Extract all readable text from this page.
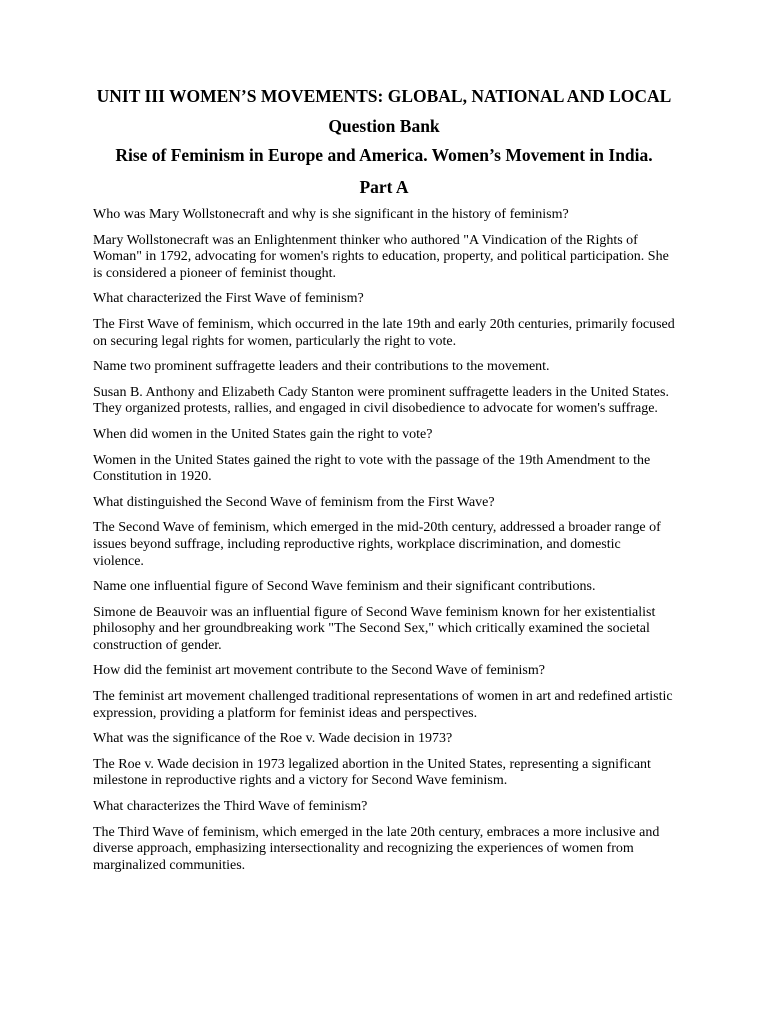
UNIT III WOMEN’S MOVEMENTS: GLOBAL, NATIONAL AND LOCAL
Question Bank
Rise of Feminism in Europe and America. Women’s Movement in India.
Part A

Who was Mary Wollstonecraft and why is she significant in the history of feminism?

Mary Wollstonecraft was an Enlightenment thinker who authored "A Vindication of the Rights of Woman" in 1792, advocating for women's rights to education, property, and political participation. She is considered a pioneer of feminist thought.

What characterized the First Wave of feminism?

The First Wave of feminism, which occurred in the late 19th and early 20th centuries, primarily focused on securing legal rights for women, particularly the right to vote.

Name two prominent suffragette leaders and their contributions to the movement.

Susan B. Anthony and Elizabeth Cady Stanton were prominent suffragette leaders in the United States. They organized protests, rallies, and engaged in civil disobedience to advocate for women's suffrage.

When did women in the United States gain the right to vote?

Women in the United States gained the right to vote with the passage of the 19th Amendment to the Constitution in 1920.

What distinguished the Second Wave of feminism from the First Wave?

The Second Wave of feminism, which emerged in the mid-20th century, addressed a broader range of issues beyond suffrage, including reproductive rights, workplace discrimination, and domestic violence.

Name one influential figure of Second Wave feminism and their significant contributions.

Simone de Beauvoir was an influential figure of Second Wave feminism known for her existentialist philosophy and her groundbreaking work "The Second Sex," which critically examined the societal construction of gender.

How did the feminist art movement contribute to the Second Wave of feminism?

The feminist art movement challenged traditional representations of women in art and redefined artistic expression, providing a platform for feminist ideas and perspectives.

What was the significance of the Roe v. Wade decision in 1973?

The Roe v. Wade decision in 1973 legalized abortion in the United States, representing a significant milestone in reproductive rights and a victory for Second Wave feminism.

What characterizes the Third Wave of feminism?

The Third Wave of feminism, which emerged in the late 20th century, embraces a more inclusive and diverse approach, emphasizing intersectionality and recognizing the experiences of women from marginalized communities.
